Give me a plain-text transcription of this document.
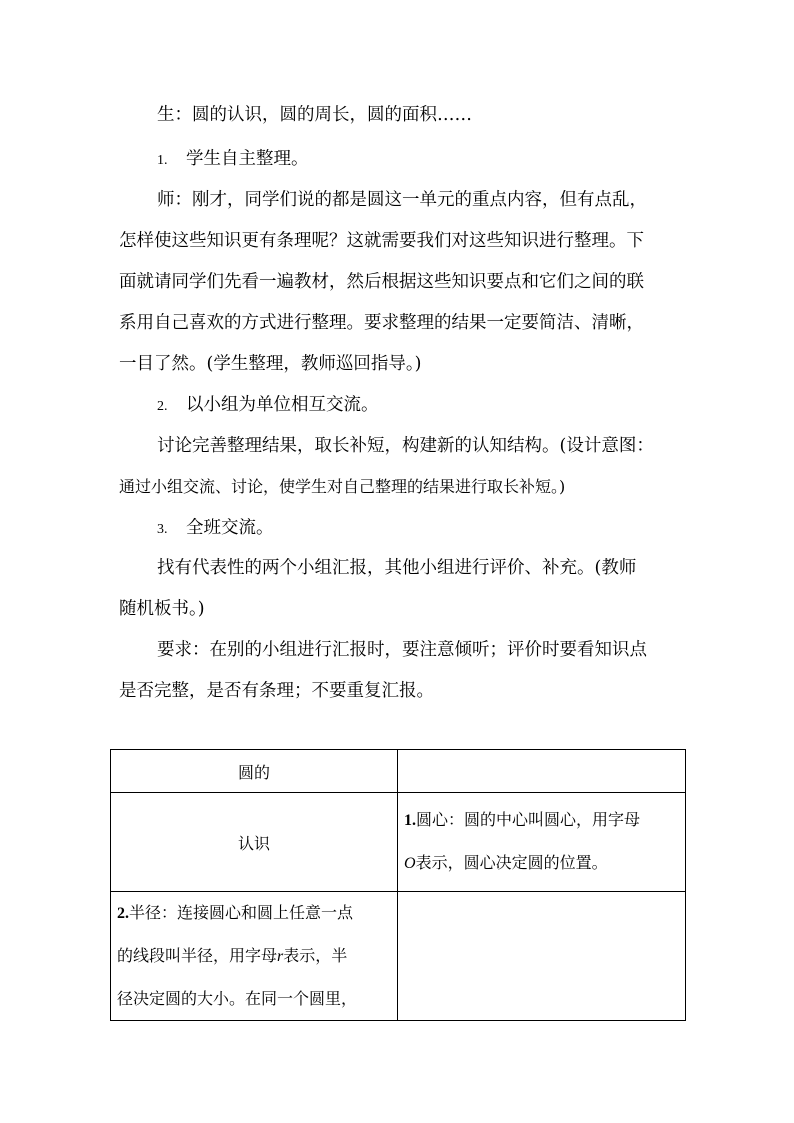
生：圆的认识，圆的周长，圆的面积……
1. 学生自主整理。
师：刚才，同学们说的都是圆这一单元的重点内容，但有点乱，
怎样使这些知识更有条理呢？这就需要我们对这些知识进行整理。下
面就请同学们先看一遍教材，然后根据这些知识要点和它们之间的联
系用自己喜欢的方式进行整理。要求整理的结果一定要简洁、清晰，
一目了然。(学生整理，教师巡回指导。)
2. 以小组为单位相互交流。
讨论完善整理结果，取长补短，构建新的认知结构。(设计意图：
通过小组交流、讨论，使学生对自己整理的结果进行取长补短。)
3. 全班交流。
找有代表性的两个小组汇报，其他小组进行评价、补充。(教师
随机板书。)
要求：在别的小组进行汇报时，要注意倾听；评价时要看知识点
是否完整，是否有条理；不要重复汇报。
圆的	
认识	1.圆心：圆的中心叫圆心，用字母
O表示，圆心决定圆的位置。

2.半径：连接圆心和圆上任意一点
的线段叫半径，用字母r表示，半
径决定圆的大小。在同一个圆里，	
